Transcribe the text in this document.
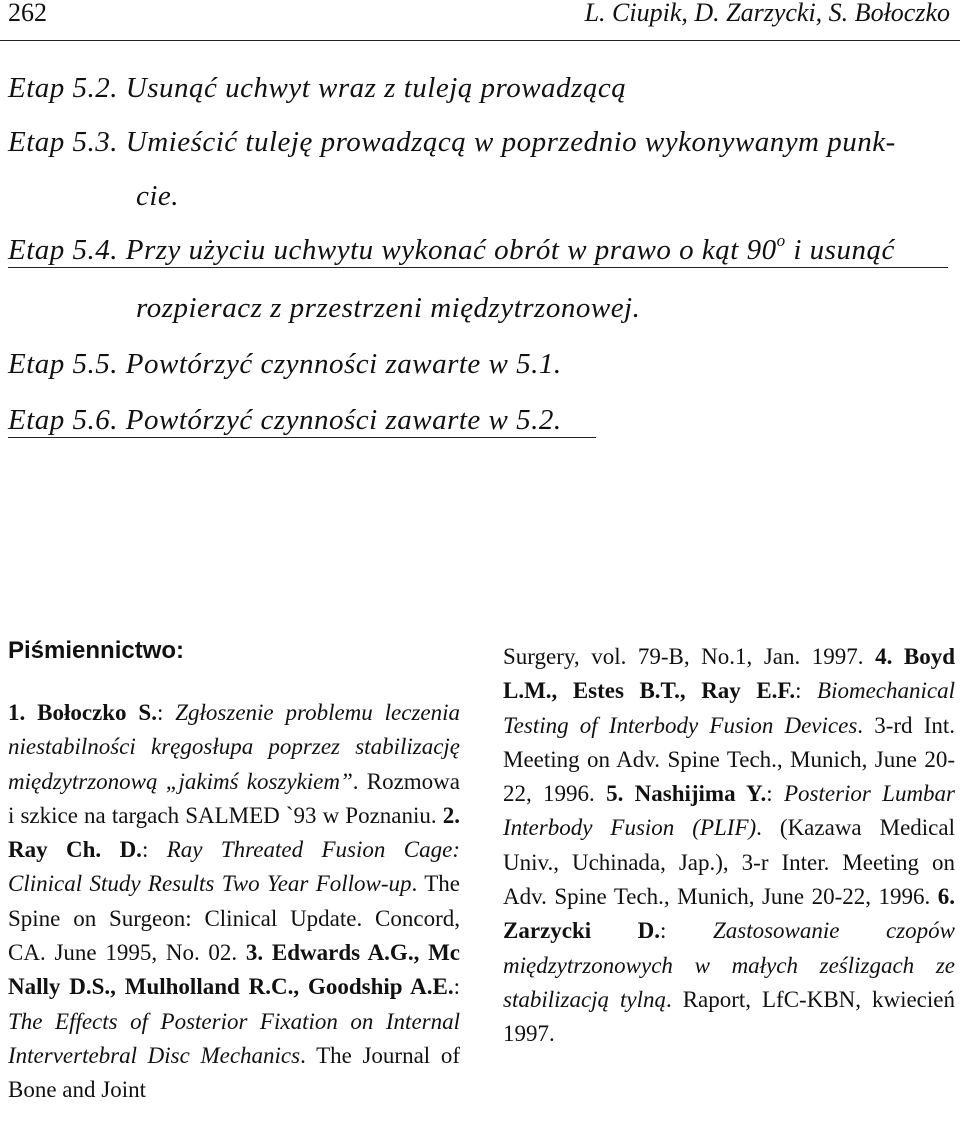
262	L. Ciupik, D. Zarzycki, S. Bołoczko
Etap 5.2. Usunąć uchwyt wraz z tuleją prowadzącą
Etap 5.3. Umieścić tuleję prowadzącą w poprzednio wykonywanym punk-
cie.
Etap 5.4. Przy użyciu uchwytu wykonać obrót w prawo o kąt 90$^o$ i usunąć
rozpieracz z przestrzeni międzytrzonowej.
Etap 5.5. Powtórzyć czynności zawarte w 5.1.
Etap 5.6. Powtórzyć czynności zawarte w 5.2.
Piśmiennictwo:
1. Bołoczko S.: Zgłoszenie problemu leczenia niestabilności kręgosłupa poprzez stabilizację międzytrzonową „jakimś koszykiem”. Rozmowa i szkice na targach SALMED `93 w Poznaniu. 2. Ray Ch. D.: Ray Threated Fusion Cage: Clinical Study Results Two Year Follow-up. The Spine on Surgeon: Clinical Update. Concord, CA. June 1995, No. 02. 3. Edwards A.G., Mc Nally D.S., Mulholland R.C., Goodship A.E.: The Effects of Posterior Fixation on Internal Intervertebral Disc Mechanics. The Journal of Bone and Joint
Surgery, vol. 79-B, No.1, Jan. 1997. 4. Boyd L.M., Estes B.T., Ray E.F.: Biomechanical Testing of Interbody Fusion Devices. 3-rd Int. Meeting on Adv. Spine Tech., Munich, June 20-22, 1996. 5. Nashijima Y.: Posterior Lumbar Interbody Fusion (PLIF). (Kazawa Medical Univ., Uchinada, Jap.), 3-r Inter. Meeting on Adv. Spine Tech., Munich, June 20-22, 1996. 6. Zarzycki D.: Zastosowanie czopów międzytrzonowych w małych ześlizgach ze stabilizacją tylną. Raport, LfC-KBN, kwiecień 1997.
